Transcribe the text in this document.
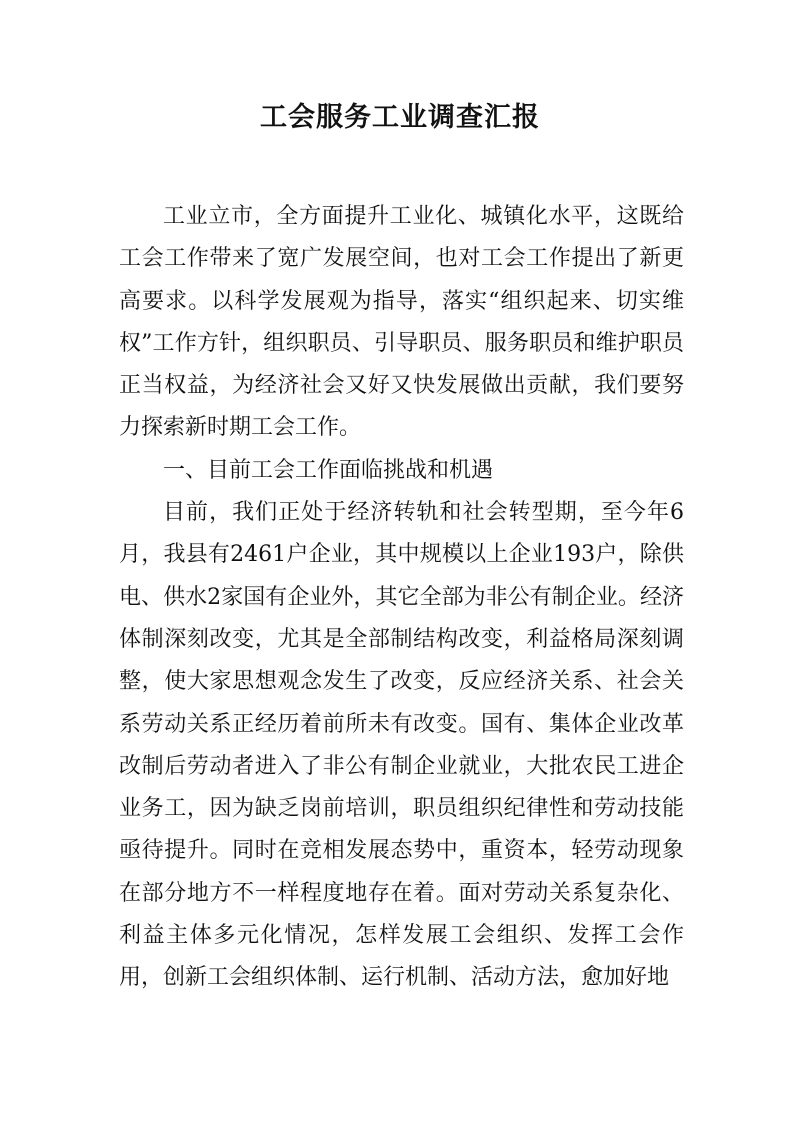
工会服务工业调查汇报

工业立市，全方面提升工业化、城镇化水平，这既给工会工作带来了宽广发展空间，也对工会工作提出了新更高要求。以科学发展观为指导，落实“组织起来、切实维权”工作方针，组织职员、引导职员、服务职员和维护职员正当权益，为经济社会又好又快发展做出贡献，我们要努力探索新时期工会工作。

一、目前工会工作面临挑战和机遇

目前，我们正处于经济转轨和社会转型期，至今年6月，我县有2461户企业，其中规模以上企业193户，除供电、供水2家国有企业外，其它全部为非公有制企业。经济体制深刻改变，尤其是全部制结构改变，利益格局深刻调整，使大家思想观念发生了改变，反应经济关系、社会关系劳动关系正经历着前所未有改变。国有、集体企业改革改制后劳动者进入了非公有制企业就业，大批农民工进企业务工，因为缺乏岗前培训，职员组织纪律性和劳动技能亟待提升。同时在竞相发展态势中，重资本，轻劳动现象在部分地方不一样程度地存在着。面对劳动关系复杂化、利益主体多元化情况，怎样发展工会组织、发挥工会作用，创新工会组织体制、运行机制、活动方法，愈加好地
